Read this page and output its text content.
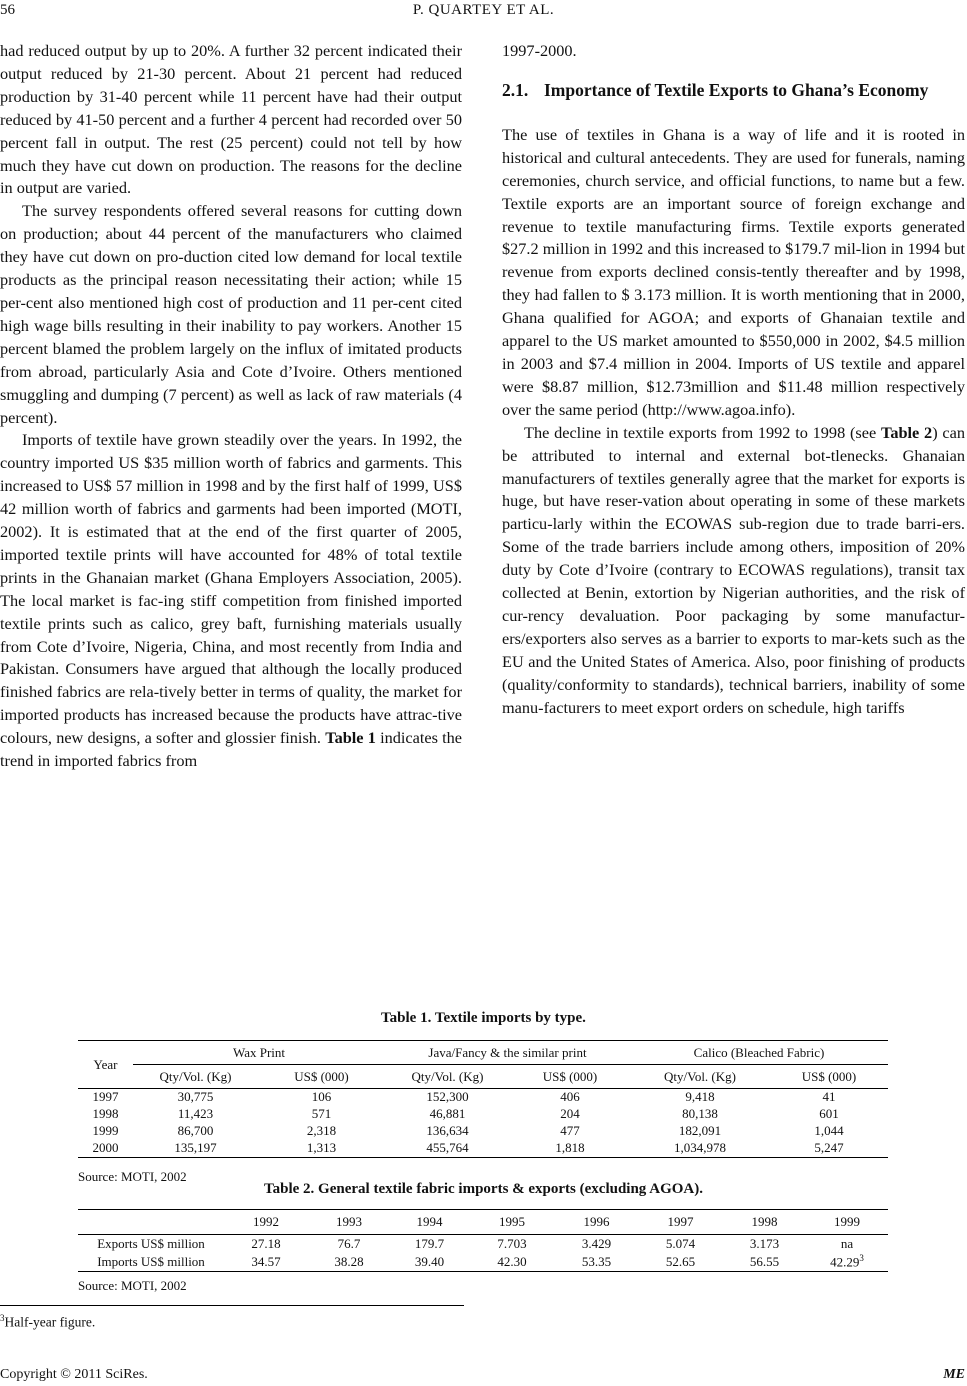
56	P. QUARTEY ET AL.

had reduced output by up to 20%. A further 32 percent indicated their output reduced by 21-30 percent. About 21 percent had reduced production by 31-40 percent while 11 percent have had their output reduced by 41-50 percent and a further 4 percent had recorded over 50 percent fall in output. The rest (25 percent) could not tell by how much they have cut down on production. The reasons for the decline in output are varied.

The survey respondents offered several reasons for cutting down on production; about 44 percent of the manufacturers who claimed they have cut down on pro-duction cited low demand for local textile products as the principal reason necessitating their action; while 15 per-cent also mentioned high cost of production and 11 per-cent cited high wage bills resulting in their inability to pay workers. Another 15 percent blamed the problem largely on the influx of imitated products from abroad, particularly Asia and Cote d’Ivoire. Others mentioned smuggling and dumping (7 percent) as well as lack of raw materials (4 percent).

Imports of textile have grown steadily over the years. In 1992, the country imported US $35 million worth of fabrics and garments. This increased to US$ 57 million in 1998 and by the first half of 1999, US$ 42 million worth of fabrics and garments had been imported (MOTI, 2002). It is estimated that at the end of the first quarter of 2005, imported textile prints will have accounted for 48% of total textile prints in the Ghanaian market (Ghana Employers Association, 2005). The local market is fac-ing stiff competition from finished imported textile prints such as calico, grey baft, furnishing materials usually from Cote d’Ivoire, Nigeria, China, and most recently from India and Pakistan. Consumers have argued that although the locally produced finished fabrics are rela-tively better in terms of quality, the market for imported products has increased because the products have attrac-tive colours, new designs, a softer and glossier finish. Table 1 indicates the trend in imported fabrics from

1997-2000.

2.1. Importance of Textile Exports to Ghana’s Economy

The use of textiles in Ghana is a way of life and it is rooted in historical and cultural antecedents. They are used for funerals, naming ceremonies, church service, and official functions, to name but a few. Textile exports are an important source of foreign exchange and revenue to textile manufacturing firms. Textile exports generated $27.2 million in 1992 and this increased to $179.7 mil-lion in 1994 but revenue from exports declined consis-tently thereafter and by 1998, they had fallen to $ 3.173 million. It is worth mentioning that in 2000, Ghana qualified for AGOA; and exports of Ghanaian textile and apparel to the US market amounted to $550,000 in 2002, $4.5 million in 2003 and $7.4 million in 2004. Imports of US textile and apparel were $8.87 million, $12.73million and $11.48 million respectively over the same period (http://www.agoa.info).

The decline in textile exports from 1992 to 1998 (see Table 2) can be attributed to internal and external bot-tlenecks. Ghanaian manufacturers of textiles generally agree that the market for exports is huge, but have reser-vation about operating in some of these markets particu-larly within the ECOWAS sub-region due to trade barri-ers. Some of the trade barriers include among others, imposition of 20% duty by Cote d’Ivoire (contrary to ECOWAS regulations), transit tax collected at Benin, extortion by Nigerian authorities, and the risk of cur-rency devaluation. Poor packaging by some manufactur-ers/exporters also serves as a barrier to exports to mar-kets such as the EU and the United States of America. Also, poor finishing of products (quality/conformity to standards), technical barriers, inability of some manu-facturers to meet export orders on schedule, high tariffs

Table 1. Textile imports by type.
Year	Wax Print		Java/Fancy & the similar print		Calico (Bleached Fabric)	
	Qty/Vol. (Kg)	US$ (000)	Qty/Vol. (Kg)	US$ (000)	Qty/Vol. (Kg)	US$ (000)
1997	30,775	106	152,300	406	9,418	41
1998	11,423	571	46,881	204	80,138	601
1999	86,700	2,318	136,634	477	182,091	1,044
2000	135,197	1,313	455,764	1,818	1,034,978	5,247
Source: MOTI, 2002
Table 2. General textile fabric imports & exports (excluding AGOA).
	1992	1993	1994	1995	1996	1997	1998	1999
Exports US$ million	27.18	76.7	179.7	7.703	3.429	5.074	3.173	na
Imports US$ million	34.57	38.28	39.40	42.30	53.35	52.65	56.55	42.29$^3$
Source: MOTI, 2002
$^3$Half-year figure.
Copyright © 2011 SciRes.	ME
